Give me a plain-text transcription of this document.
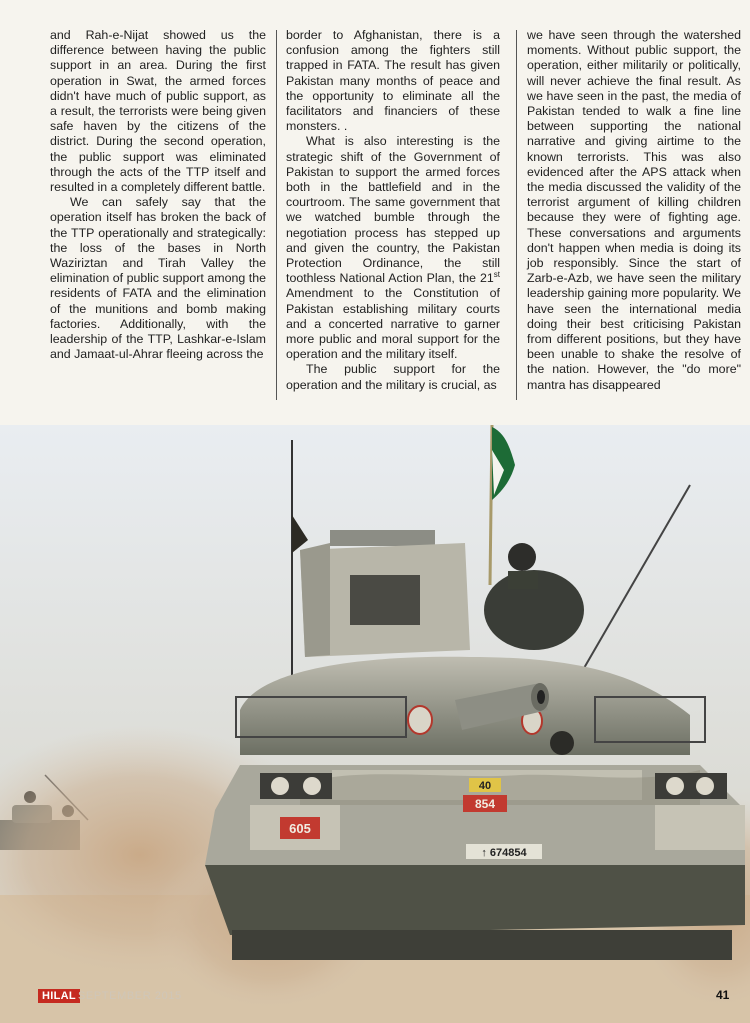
and Rah-e-Nijat showed us the difference between having the public support in an area. During the first operation in Swat, the armed forces didn't have much of public support, as a result, the terrorists were being given safe haven by the citizens of the district. During the second operation, the public support was eliminated through the acts of the TTP itself and resulted in a completely different battle.

We can safely say that the operation itself has broken the back of the TTP operationally and strategically: the loss of the bases in North Waziriztan and Tirah Valley the elimination of public support among the residents of FATA and the elimination of the munitions and bomb making factories. Additionally, with the leadership of the TTP, Lashkar-e-Islam and Jamaat-ul-Ahrar fleeing across the

border to Afghanistan, there is a confusion among the fighters still trapped in FATA. The result has given Pakistan many months of peace and the opportunity to eliminate all the facilitators and financiers of these monsters. .

What is also interesting is the strategic shift of the Government of Pakistan to support the armed forces both in the battlefield and in the courtroom. The same government that we watched bumble through the negotiation process has stepped up and given the country, the Pakistan Protection Ordinance, the still toothless National Action Plan, the 21st Amendment to the Constitution of Pakistan establishing military courts and a concerted narrative to garner more public and moral support for the operation and the military itself.

The public support for the operation and the military is crucial, as

we have seen through the watershed moments. Without public support, the operation, either militarily or politically, will never achieve the final result. As we have seen in the past, the media of Pakistan tended to walk a fine line between supporting the national narrative and giving airtime to the known terrorists. This was also evidenced after the APS attack when the media discussed the validity of the terrorist argument of killing children because they were of fighting age. These conversations and arguments don't happen when media is doing its job responsibly. Since the start of Zarb-e-Azb, we have seen the military leadership gaining more popularity. We have seen the international media doing their best criticising Pakistan from different positions, but they have been unable to shake the resolve of the nation. However, the "do more" mantra has disappeared

40
854
605
↑ 674854
HILAL SEPTEMBER 2015	41
